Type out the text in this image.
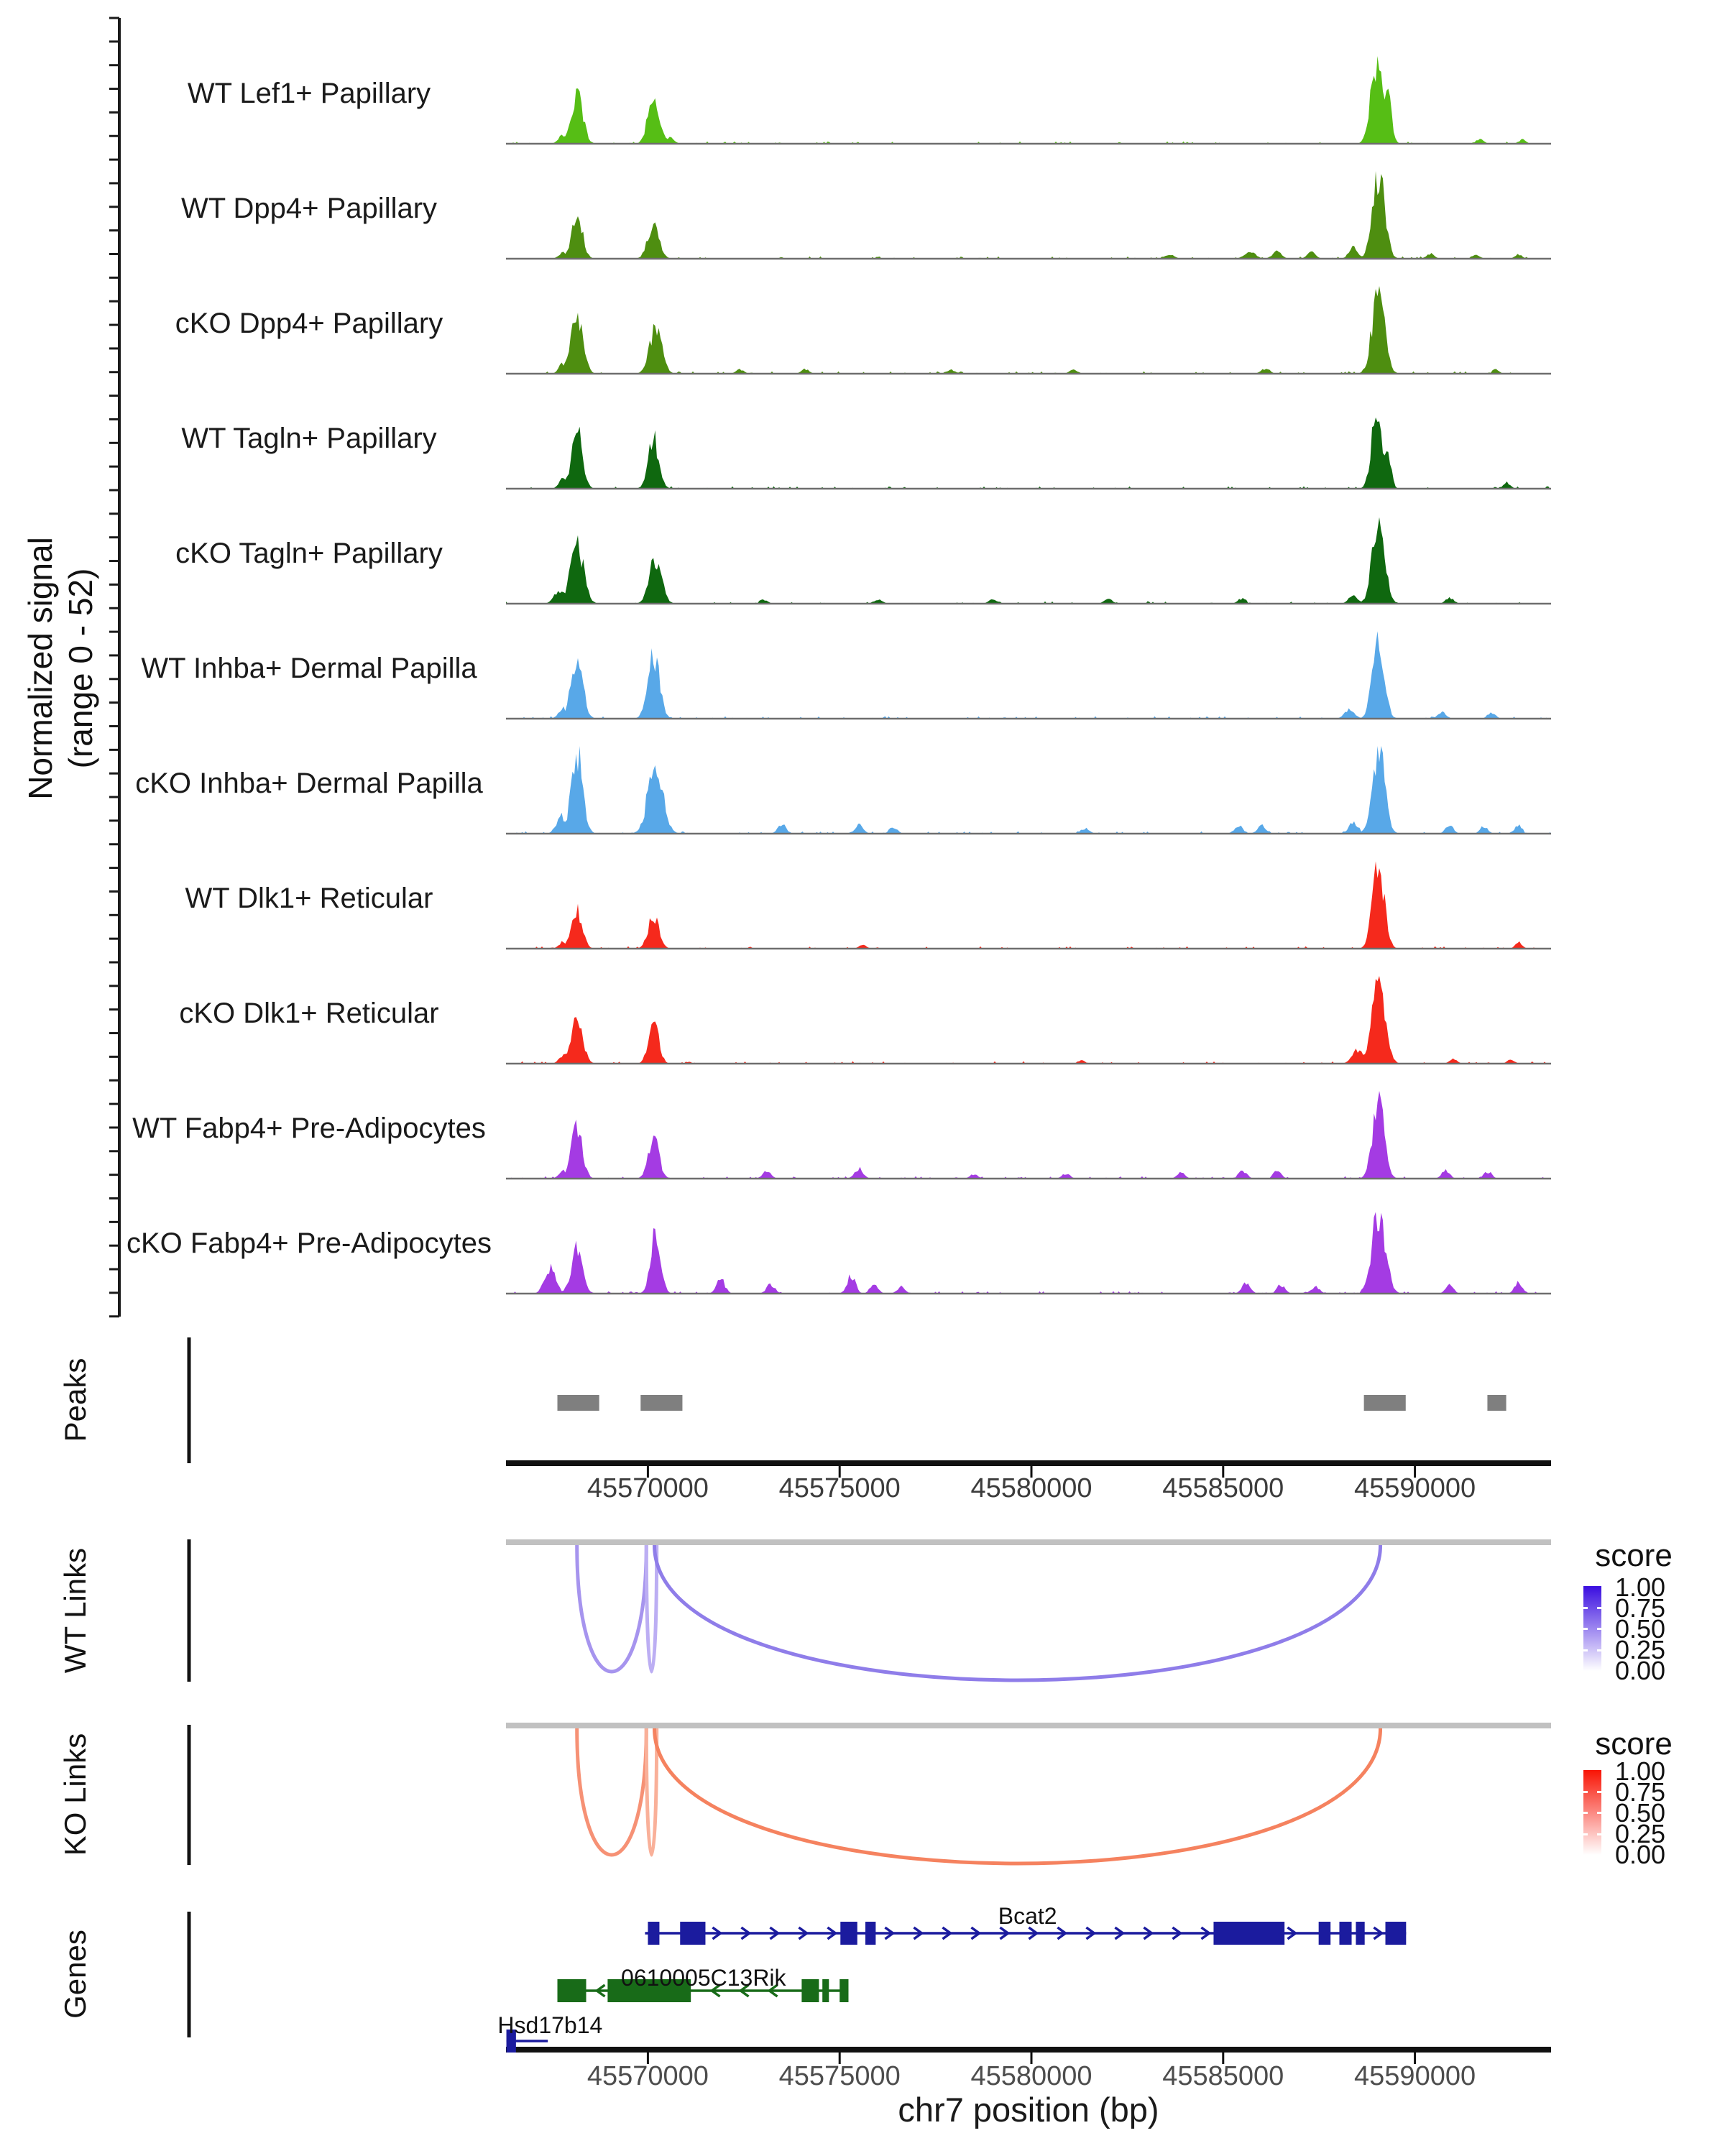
Normalized signal (range 0 - 52)
WT Lef1+ Papillary
WT Dpp4+ Papillary
cKO Dpp4+ Papillary
WT Tagln+ Papillary
cKO Tagln+ Papillary
WT Inhba+ Dermal Papilla
cKO Inhba+ Dermal Papilla
WT Dlk1+ Reticular
cKO Dlk1+ Reticular
WT Fabp4+ Pre-Adipocytes
cKO Fabp4+ Pre-Adipocytes
Peaks
WT Links
KO Links
Genes
45570000	45575000	45580000	45585000	45590000
45570000	45575000	45580000	45585000	45590000
Bcat2
0610005C13Rik
Hsd17b14
score
1.00
0.75
0.50
0.25
0.00
score
1.00
0.75
0.50
0.25
0.00
chr7 position (bp)
